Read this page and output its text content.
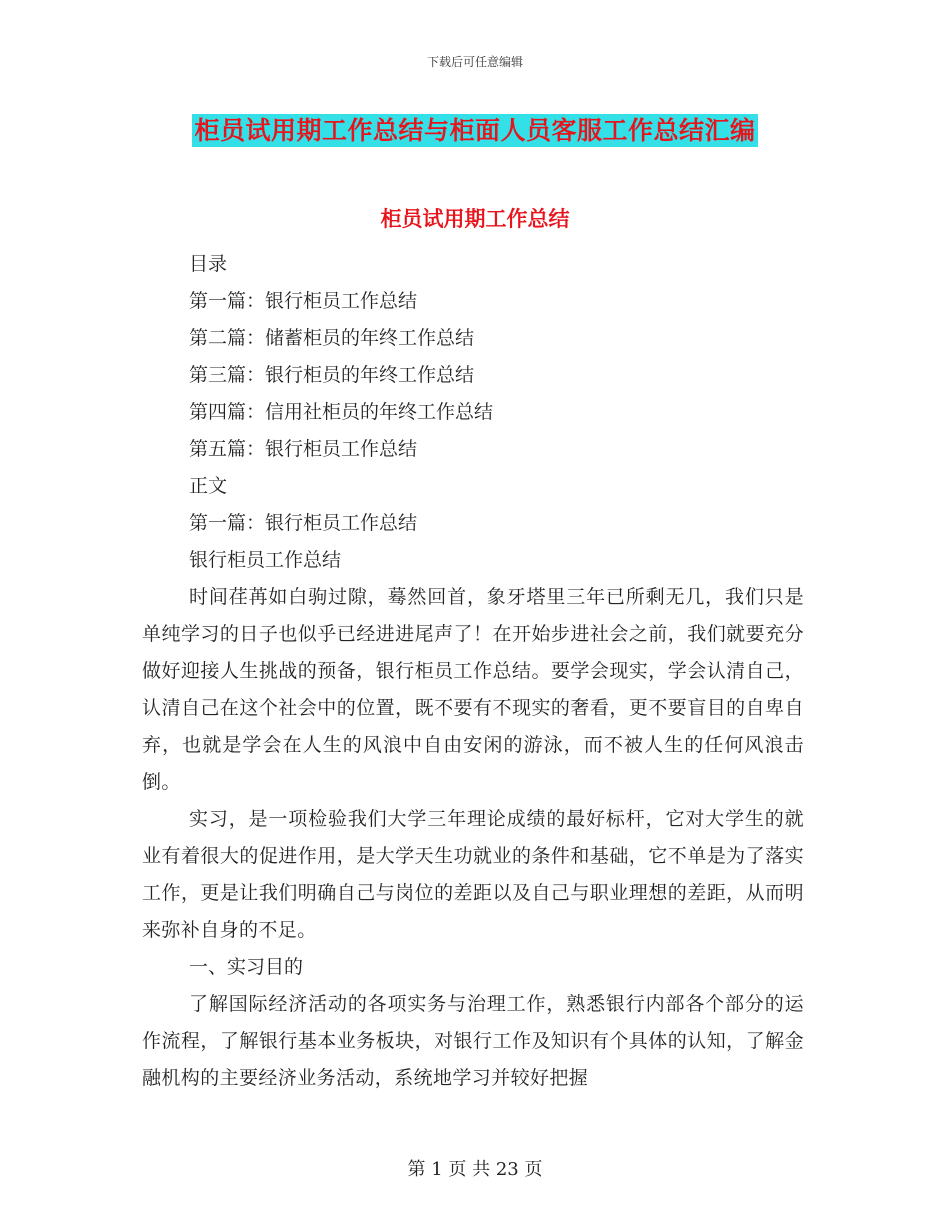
下载后可任意编辑
柜员试用期工作总结与柜面人员客服工作总结汇编
柜员试用期工作总结
目录
第一篇：银行柜员工作总结
第二篇：储蓄柜员的年终工作总结
第三篇：银行柜员的年终工作总结
第四篇：信用社柜员的年终工作总结
第五篇：银行柜员工作总结
正文
第一篇：银行柜员工作总结
银行柜员工作总结

时间荏苒如白驹过隙，蓦然回首，象牙塔里三年已所剩无几，我们只是单纯学习的日子也似乎已经进进尾声了！在开始步进社会之前，我们就要充分做好迎接人生挑战的预备，银行柜员工作总结。要学会现实，学会认清自己，认清自己在这个社会中的位置，既不要有不现实的奢看，更不要盲目的自卑自弃，也就是学会在人生的风浪中自由安闲的游泳，而不被人生的任何风浪击倒。

实习，是一项检验我们大学三年理论成绩的最好标杆，它对大学生的就业有着很大的促进作用，是大学天生功就业的条件和基础，它不单是为了落实工作，更是让我们明确自己与岗位的差距以及自己与职业理想的差距，从而明来弥补自身的不足。

一、实习目的

了解国际经济活动的各项实务与治理工作，熟悉银行内部各个部分的运作流程，了解银行基本业务板块，对银行工作及知识有个具体的认知，了解金融机构的主要经济业务活动，系统地学习并较好把握

第 1 页 共 23 页
